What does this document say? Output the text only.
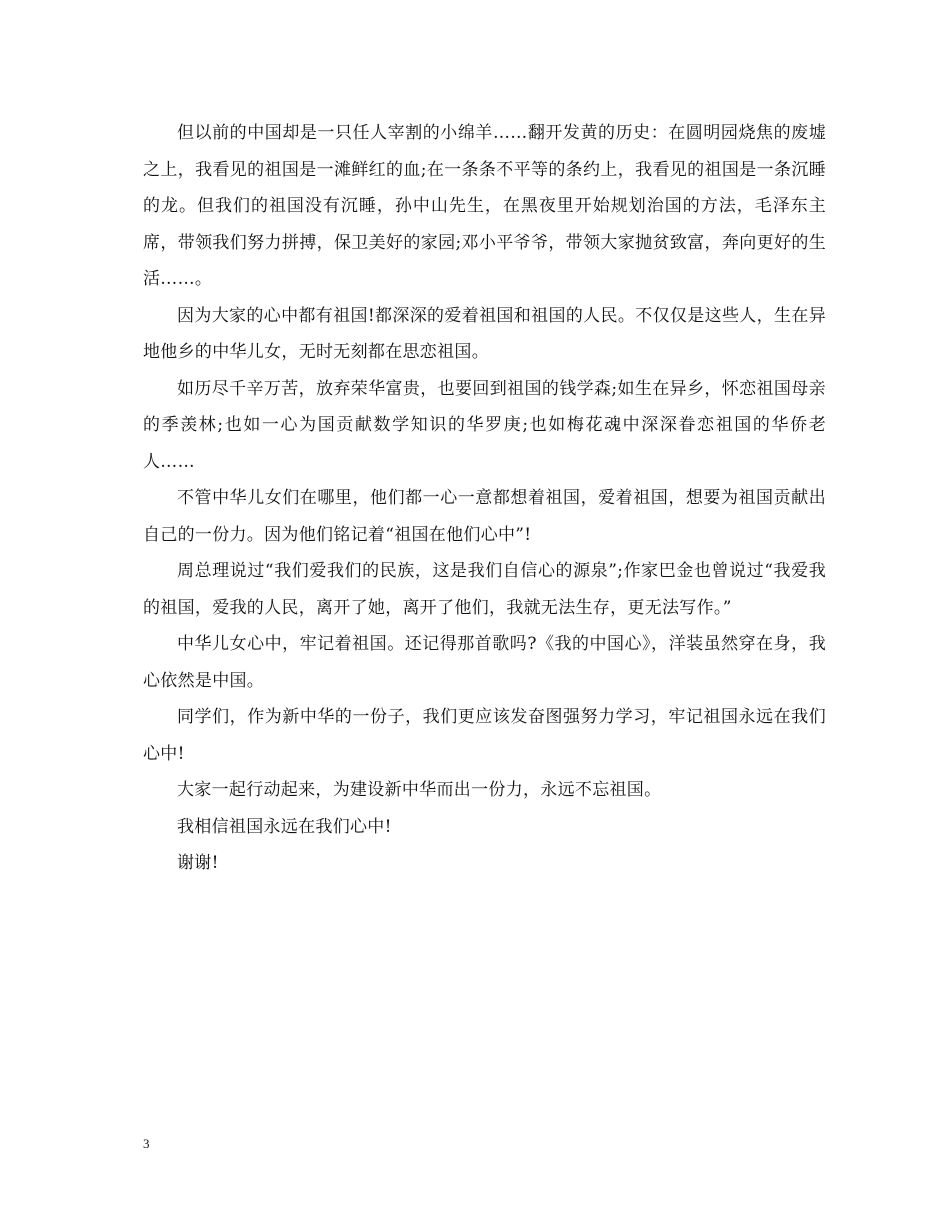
但以前的中国却是一只任人宰割的小绵羊……翻开发黄的历史：在圆明园烧焦的废墟之上，我看见的祖国是一滩鲜红的血;在一条条不平等的条约上，我看见的祖国是一条沉睡的龙。但我们的祖国没有沉睡，孙中山先生，在黑夜里开始规划治国的方法，毛泽东主席，带领我们努力拼搏，保卫美好的家园;邓小平爷爷，带领大家抛贫致富，奔向更好的生活……。

因为大家的心中都有祖国!都深深的爱着祖国和祖国的人民。不仅仅是这些人，生在异地他乡的中华儿女，无时无刻都在思恋祖国。

如历尽千辛万苦，放弃荣华富贵，也要回到祖国的钱学森;如生在异乡，怀恋祖国母亲的季羡林;也如一心为国贡献数学知识的华罗庚;也如梅花魂中深深眷恋祖国的华侨老人……

不管中华儿女们在哪里，他们都一心一意都想着祖国，爱着祖国，想要为祖国贡献出自己的一份力。因为他们铭记着“祖国在他们心中”!

周总理说过“我们爱我们的民族，这是我们自信心的源泉”;作家巴金也曾说过“我爱我的祖国，爱我的人民，离开了她，离开了他们，我就无法生存，更无法写作。”

中华儿女心中，牢记着祖国。还记得那首歌吗?《我的中国心》，洋装虽然穿在身，我心依然是中国。

同学们，作为新中华的一份子，我们更应该发奋图强努力学习，牢记祖国永远在我们心中!

大家一起行动起来，为建设新中华而出一份力，永远不忘祖国。

我相信祖国永远在我们心中!

谢谢!

3
